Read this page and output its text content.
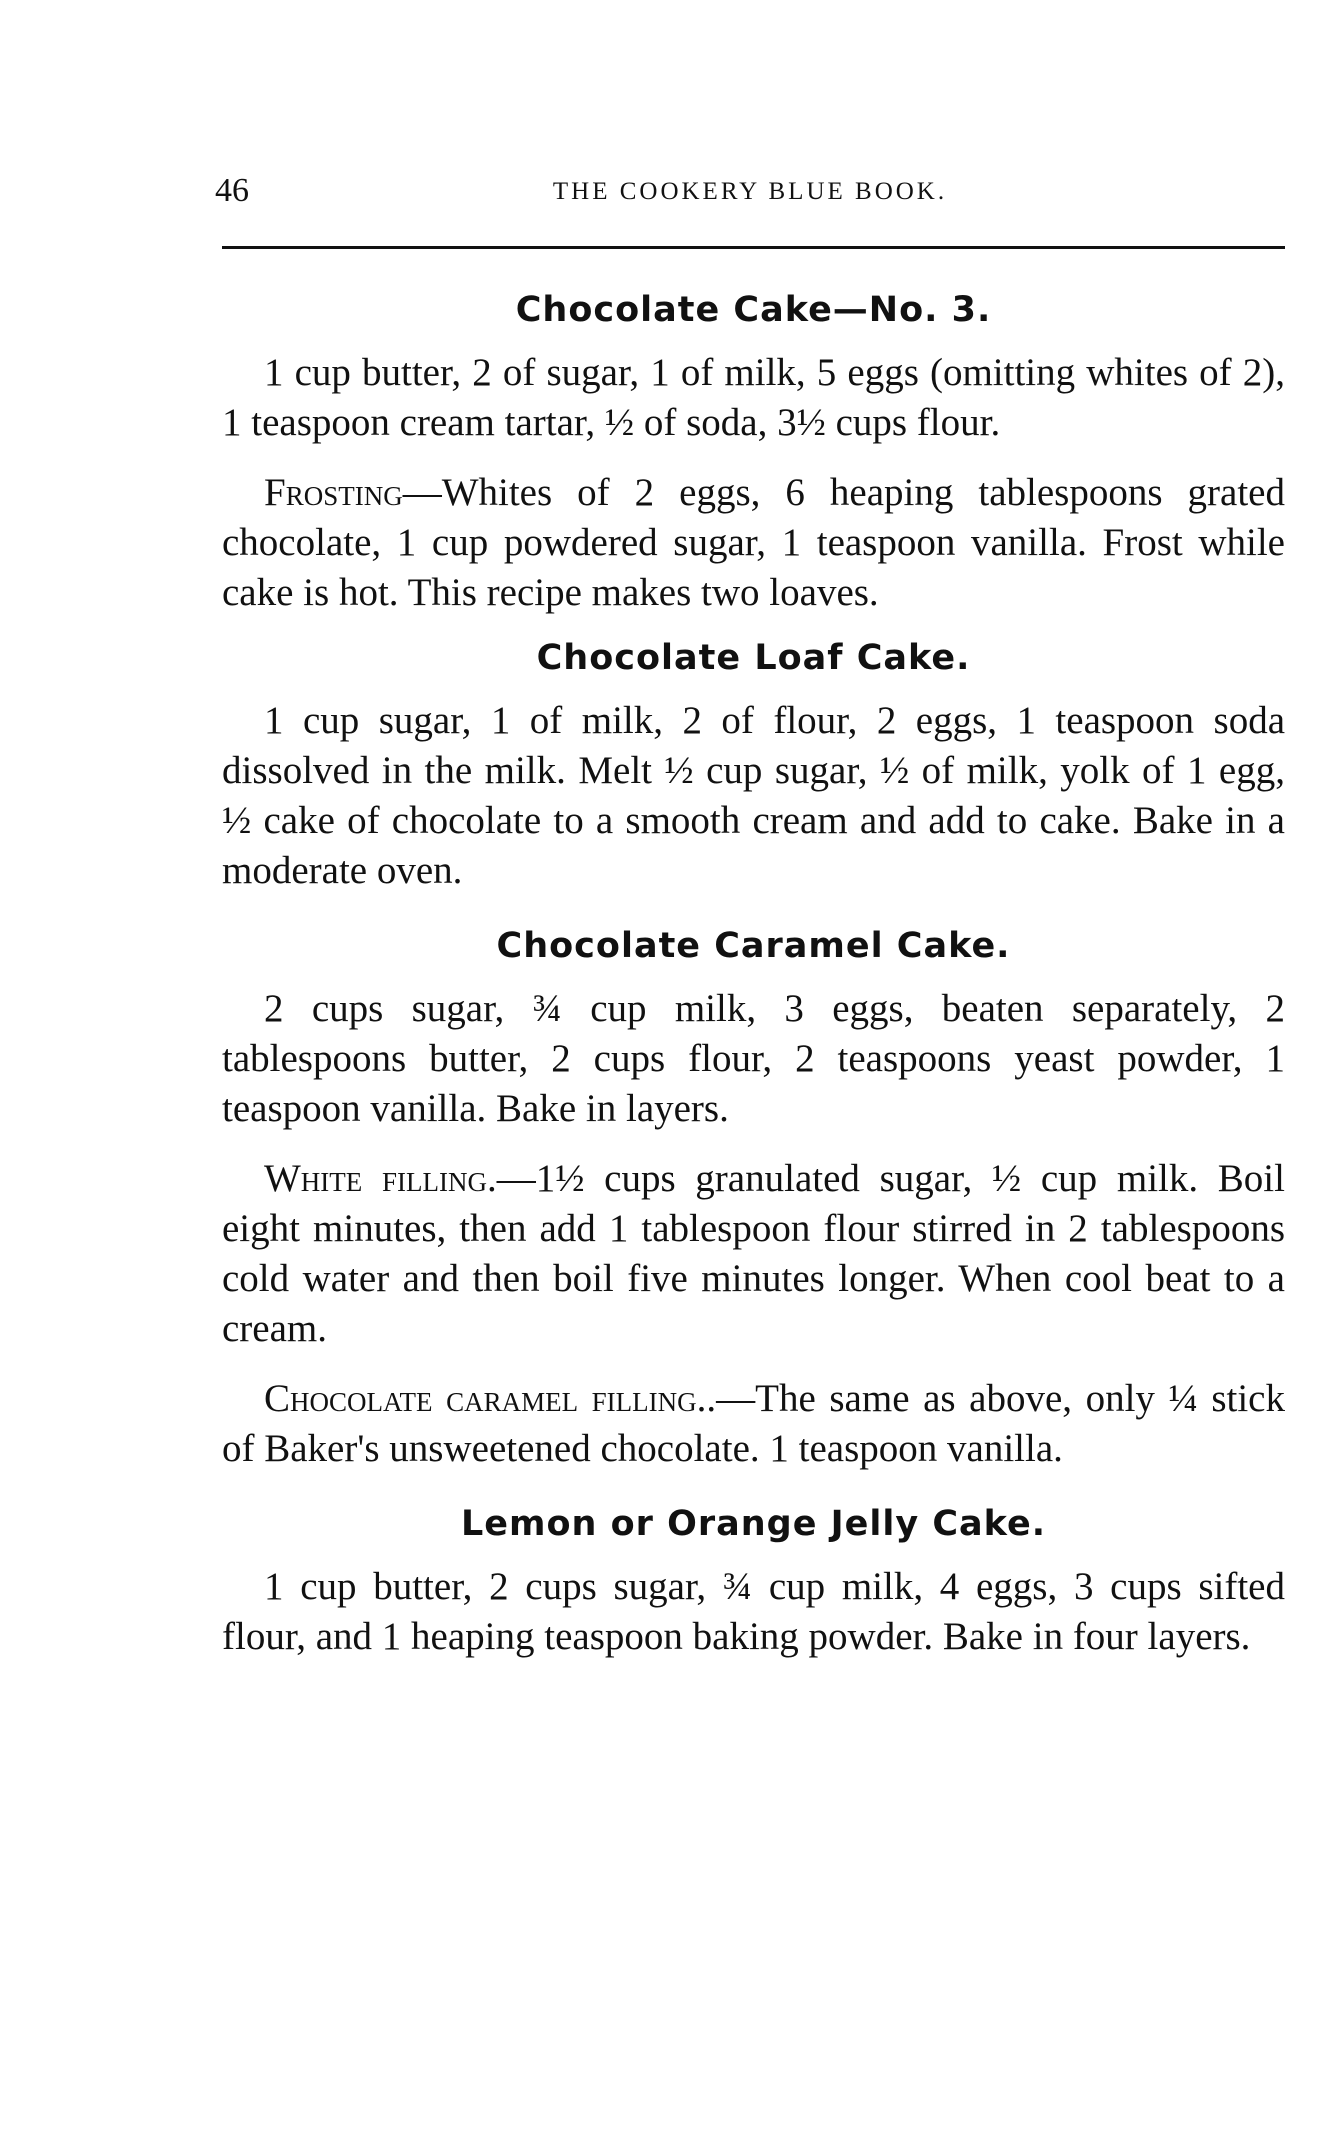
46	THE COOKERY BLUE BOOK.
Chocolate Cake—No. 3.

1 cup butter, 2 of sugar, 1 of milk, 5 eggs (omitting whites of 2), 1 teaspoon cream tartar, ½ of soda, 3½ cups flour.

Frosting—Whites of 2 eggs, 6 heaping tablespoons grated chocolate, 1 cup powdered sugar, 1 teaspoon vanilla. Frost while cake is hot. This recipe makes two loaves.

Chocolate Loaf Cake.

1 cup sugar, 1 of milk, 2 of flour, 2 eggs, 1 teaspoon soda dissolved in the milk. Melt ½ cup sugar, ½ of milk, yolk of 1 egg, ½ cake of chocolate to a smooth cream and add to cake. Bake in a moderate oven.

Chocolate Caramel Cake.

2 cups sugar, ¾ cup milk, 3 eggs, beaten separately, 2 tablespoons butter, 2 cups flour, 2 teaspoons yeast powder, 1 teaspoon vanilla. Bake in layers.

White filling.—1½ cups granulated sugar, ½ cup milk. Boil eight minutes, then add 1 tablespoon flour stirred in 2 tablespoons cold water and then boil five minutes longer. When cool beat to a cream.

Chocolate caramel filling..—The same as above, only ¼ stick of Baker's unsweetened chocolate. 1 teaspoon vanilla.

Lemon or Orange Jelly Cake.

1 cup butter, 2 cups sugar, ¾ cup milk, 4 eggs, 3 cups sifted flour, and 1 heaping teaspoon baking powder. Bake in four layers.
